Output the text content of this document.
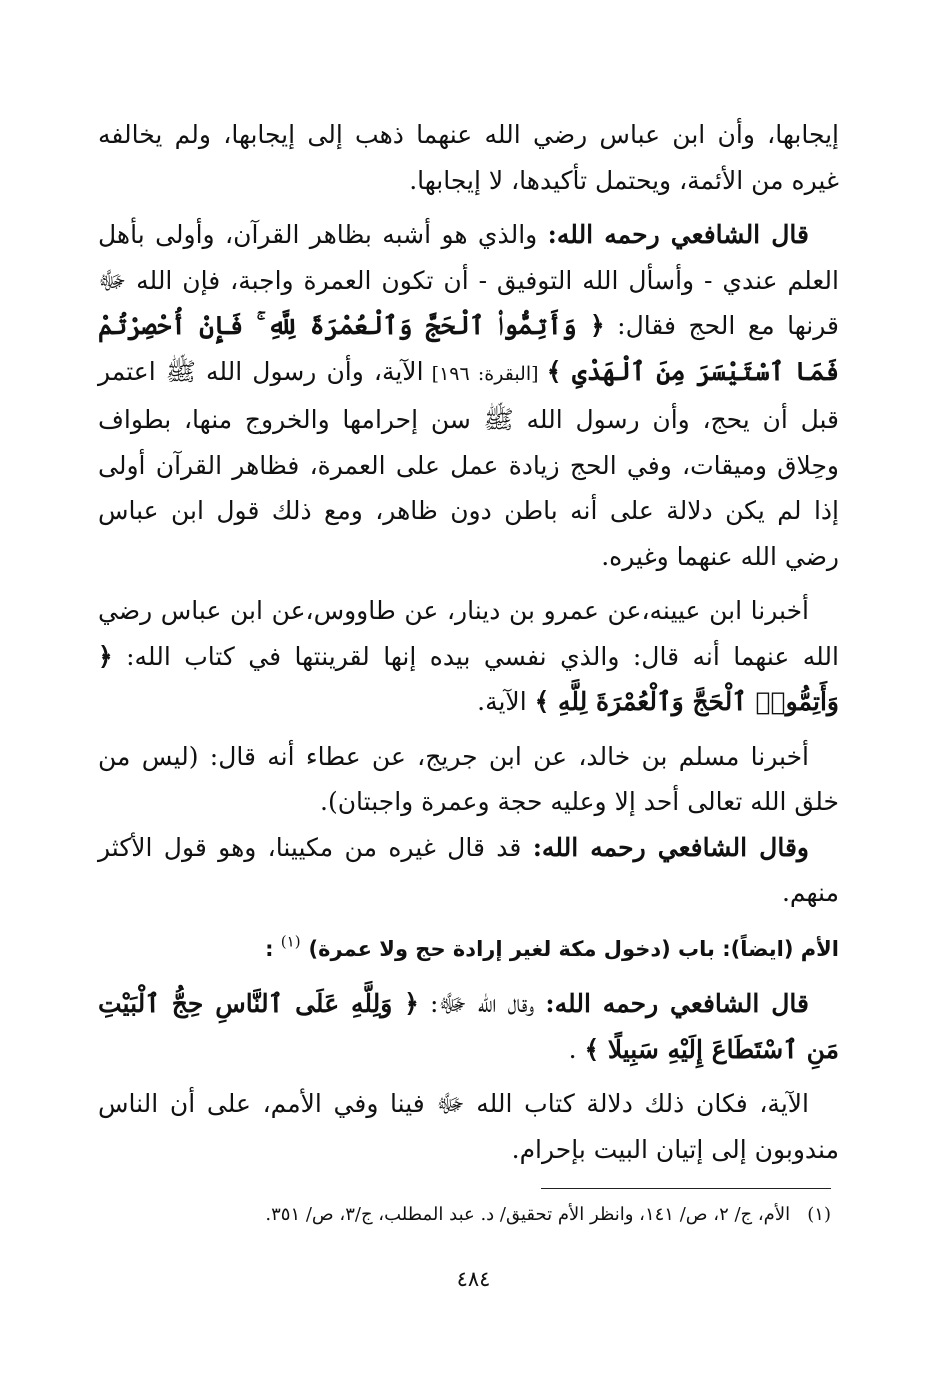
إيجابها، وأن ابن عباس رضي الله عنهما ذهب إلى إيجابها، ولم يخالفه غيره من الأئمة، ويحتمل تأكيدها، لا إيجابها.

قال الشافعي رحمه الله: والذي هو أشبه بظاهر القرآن، وأولى بأهل العلم عندي - وأسأل الله التوفيق - أن تكون العمرة واجبة، فإن الله ﷻ قرنها مع الحج فقال: ﴿ وَأَتِمُّوا۟ ٱلْحَجَّ وَٱلْعُمْرَةَ لِلَّهِ ۚ فَإِنْ أُحْصِرْتُمْ فَمَا ٱسْتَيْسَرَ مِنَ ٱلْهَدْىِ ﴾ [البقرة: ١٩٦] الآية، وأن رسول الله ﷺ اعتمر قبل أن يحج، وأن رسول الله ﷺ سن إحرامها والخروج منها، بطواف وحِلاق وميقات، وفي الحج زيادة عمل على العمرة، فظاهر القرآن أولى إذا لم يكن دلالة على أنه باطن دون ظاهر، ومع ذلك قول ابن عباس رضي الله عنهما وغيره.

أخبرنا ابن عيينه،عن عمرو بن دينار، عن طاووس،عن ابن عباس رضي الله عنهما أنه قال: والذي نفسي بيده إنها لقرينتها في كتاب الله: ﴿ وَأَتِمُّوا۟ ٱلْحَجَّ وَٱلْعُمْرَةَ لِلَّهِ ﴾ الآية.

أخبرنا مسلم بن خالد، عن ابن جريج، عن عطاء أنه قال: (ليس من خلق الله تعالى أحد إلا وعليه حجة وعمرة واجبتان).

وقال الشافعي رحمه الله: قد قال غيره من مكيينا، وهو قول الأكثر منهم.

الأم (ايضاً): باب (دخول مكة لغير إرادة حج ولا عمرة) $^{(١)}$ :

قال الشافعي رحمه الله: وقال الله ﷻ: ﴿ وَلِلَّهِ عَلَى ٱلنَّاسِ حِجُّ ٱلْبَيْتِ مَنِ ٱسْتَطَاعَ إِلَيْهِ سَبِيلًا ﴾ .

الآية، فكان ذلك دلالة كتاب الله ﷻ فينا وفي الأمم، على أن الناس مندوبون إلى إتيان البيت بإحرام.

(١)   الأم، ج/ ٢، ص/ ١٤١، وانظر الأم تحقيق/ د. عبد المطلب، ج/٣، ص/ ٣٥١.

٤٨٤
